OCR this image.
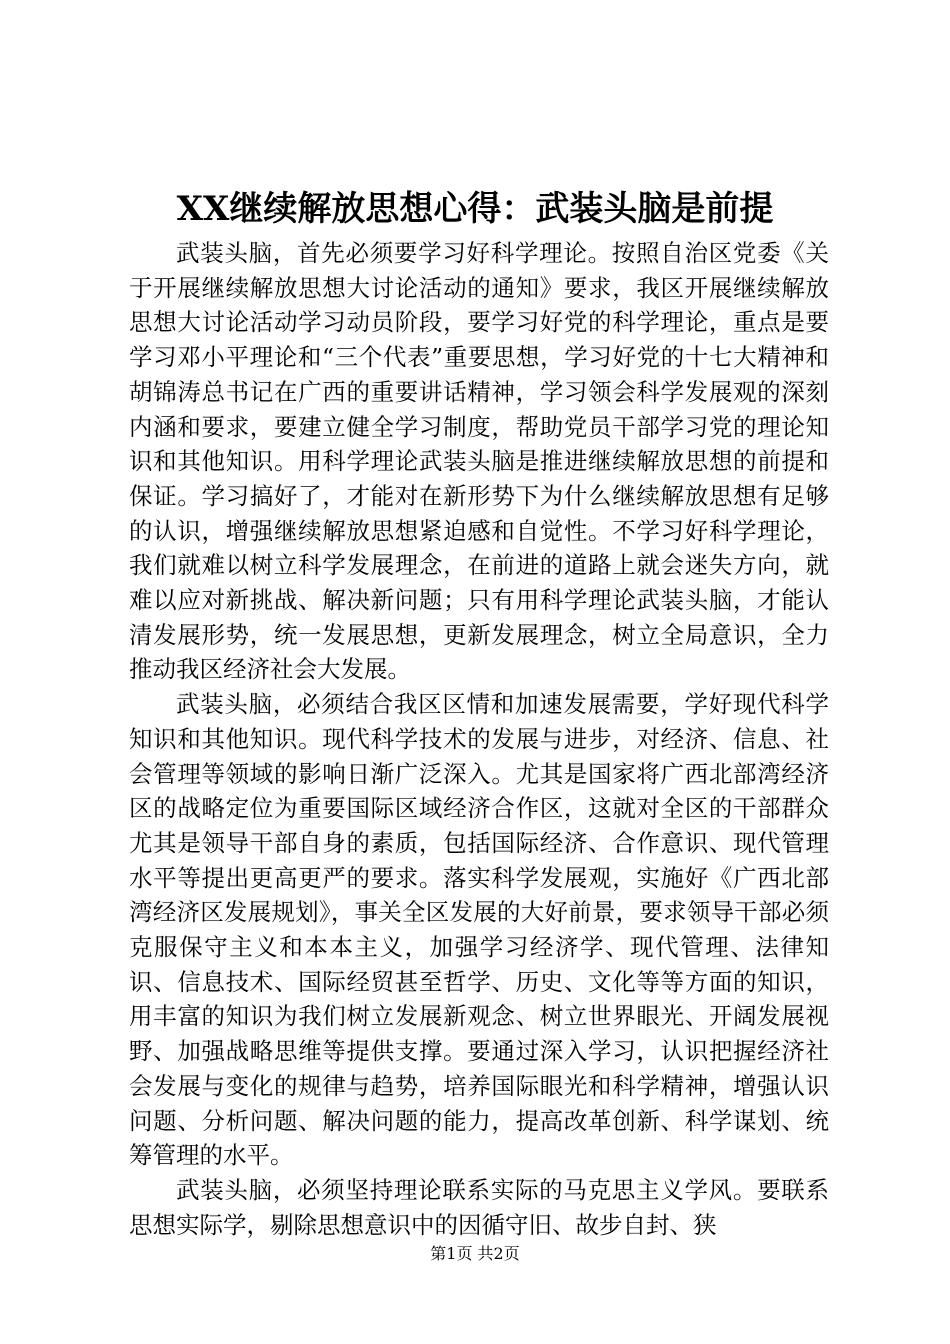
XX继续解放思想心得：武装头脑是前提

武装头脑，首先必须要学习好科学理论。按照自治区党委《关于开展继续解放思想大讨论活动的通知》要求，我区开展继续解放思想大讨论活动学习动员阶段，要学习好党的科学理论，重点是要学习邓小平理论和“三个代表”重要思想，学习好党的十七大精神和胡锦涛总书记在广西的重要讲话精神，学习领会科学发展观的深刻内涵和要求，要建立健全学习制度，帮助党员干部学习党的理论知识和其他知识。用科学理论武装头脑是推进继续解放思想的前提和保证。学习搞好了，才能对在新形势下为什么继续解放思想有足够的认识，增强继续解放思想紧迫感和自觉性。不学习好科学理论，我们就难以树立科学发展理念，在前进的道路上就会迷失方向，就难以应对新挑战、解决新问题；只有用科学理论武装头脑，才能认清发展形势，统一发展思想，更新发展理念，树立全局意识，全力推动我区经济社会大发展。

武装头脑，必须结合我区区情和加速发展需要，学好现代科学知识和其他知识。现代科学技术的发展与进步，对经济、信息、社会管理等领域的影响日渐广泛深入。尤其是国家将广西北部湾经济区的战略定位为重要国际区域经济合作区，这就对全区的干部群众尤其是领导干部自身的素质，包括国际经济、合作意识、现代管理水平等提出更高更严的要求。落实科学发展观，实施好《广西北部湾经济区发展规划》，事关全区发展的大好前景，要求领导干部必须克服保守主义和本本主义，加强学习经济学、现代管理、法律知识、信息技术、国际经贸甚至哲学、历史、文化等等方面的知识，用丰富的知识为我们树立发展新观念、树立世界眼光、开阔发展视野、加强战略思维等提供支撑。要通过深入学习，认识把握经济社会发展与变化的规律与趋势，培养国际眼光和科学精神，增强认识问题、分析问题、解决问题的能力，提高改革创新、科学谋划、统筹管理的水平。

武装头脑，必须坚持理论联系实际的马克思主义学风。要联系思想实际学，剔除思想意识中的因循守旧、故步自封、狭

第1页 共2页
